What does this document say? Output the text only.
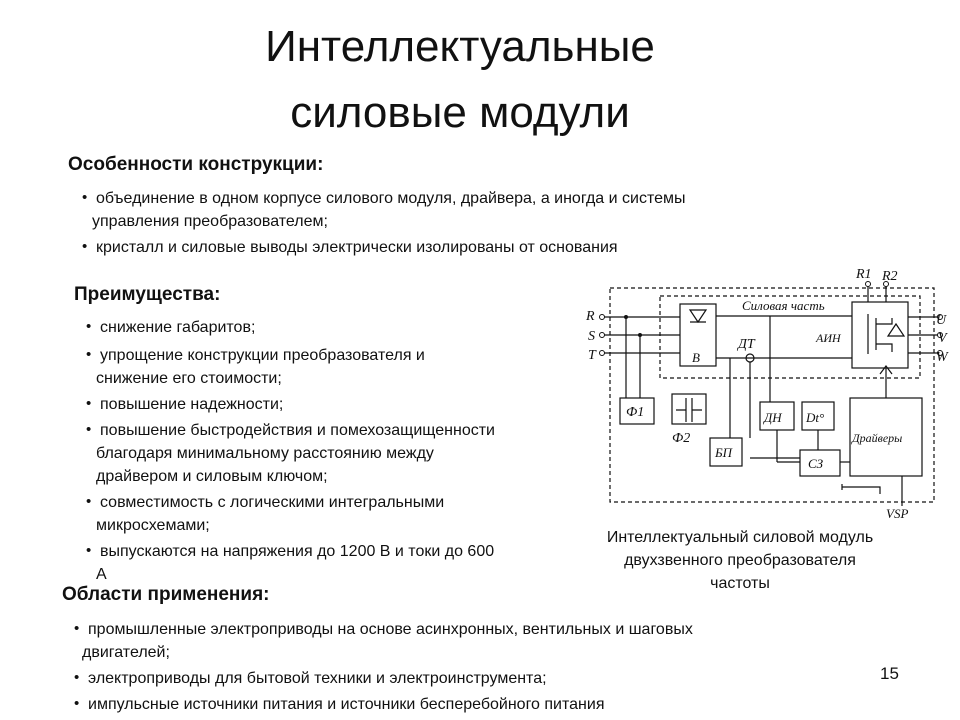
Интеллектуальные
силовые модули
Особенности конструкции:
• объединение в одном корпусе силового модуля, драйвера, а иногда и системы
управления преобразователем;
• кристалл и силовые выводы электрически изолированы от основания
Преимущества:
• снижение габаритов;
• упрощение конструкции преобразователя и
снижение его стоимости;
• повышение надежности;
• повышение быстродействия и помехозащищенности
благодаря минимальному расстоянию между
драйвером и силовым ключом;
• совместимость с логическими интегральными
микросхемами;
• выпускаются на напряжения до 1200 В и токи до 600
А
Области применения:
• промышленные электроприводы на основе асинхронных, вентильных и шаговых
двигателей;
• электроприводы для бытовой техники и электроинструмента;
• импульсные источники питания и источники бесперебойного питания
R1 R2
R
S
T
U
V
W
Силовая часть
АИН
В
ДТ
Ф1
Ф2
ДН Dt°
БП
СЗ
Драйверы
VSP
Интеллектуальный силовой модуль
двухзвенного преобразователя
частоты
15
